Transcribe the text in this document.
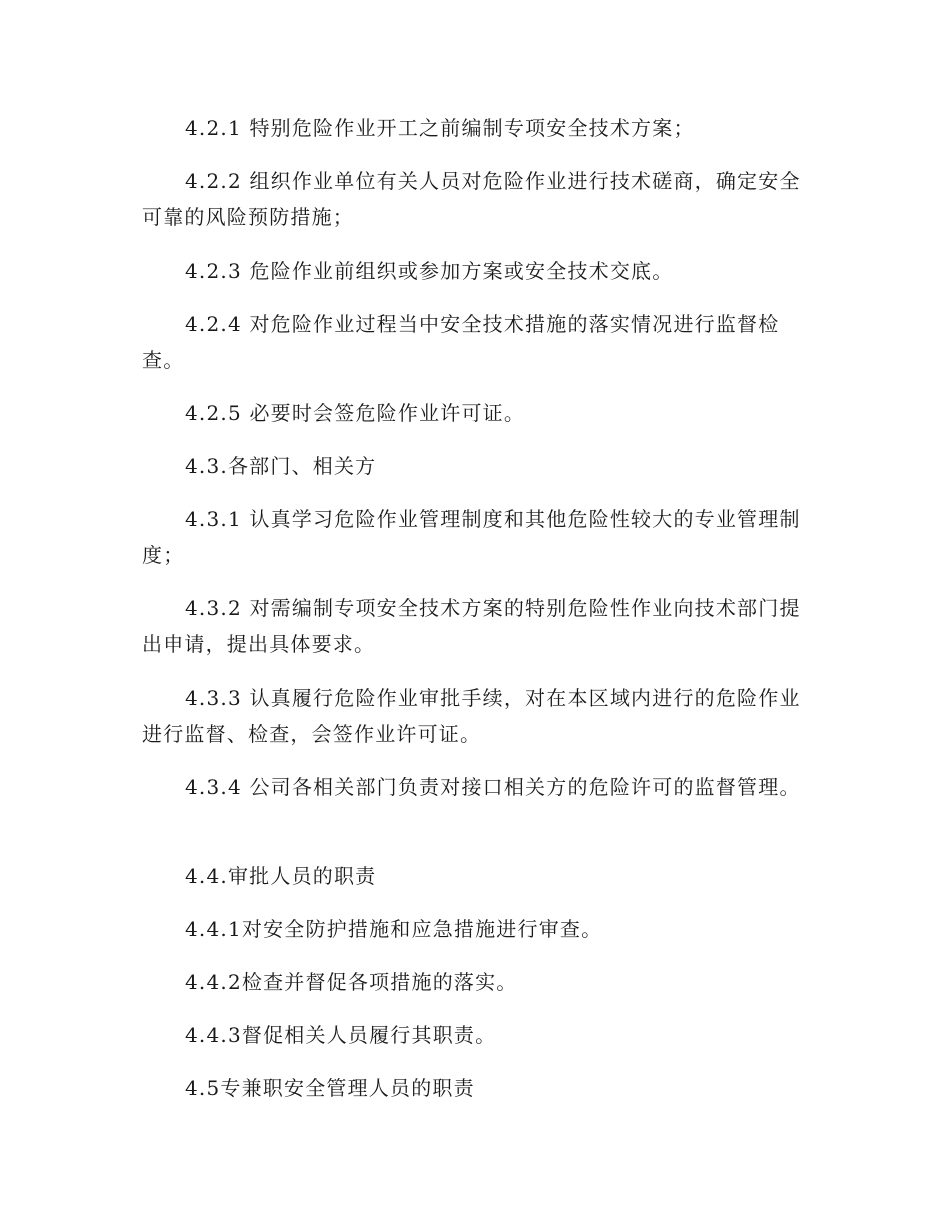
4.2.1 特别危险作业开工之前编制专项安全技术方案；

4.2.2 组织作业单位有关人员对危险作业进行技术磋商，确定安全可靠的风险预防措施；

4.2.3 危险作业前组织或参加方案或安全技术交底。

4.2.4 对危险作业过程当中安全技术措施的落实情况进行监督检查。

4.2.5 必要时会签危险作业许可证。

4.3.各部门、相关方

4.3.1 认真学习危险作业管理制度和其他危险性较大的专业管理制度；

4.3.2 对需编制专项安全技术方案的特别危险性作业向技术部门提出申请，提出具体要求。

4.3.3 认真履行危险作业审批手续，对在本区域内进行的危险作业进行监督、检查，会签作业许可证。

4.3.4 公司各相关部门负责对接口相关方的危险许可的监督管理。

4.4.审批人员的职责

4.4.1对安全防护措施和应急措施进行审查。

4.4.2检查并督促各项措施的落实。

4.4.3督促相关人员履行其职责。

4.5专兼职安全管理人员的职责
